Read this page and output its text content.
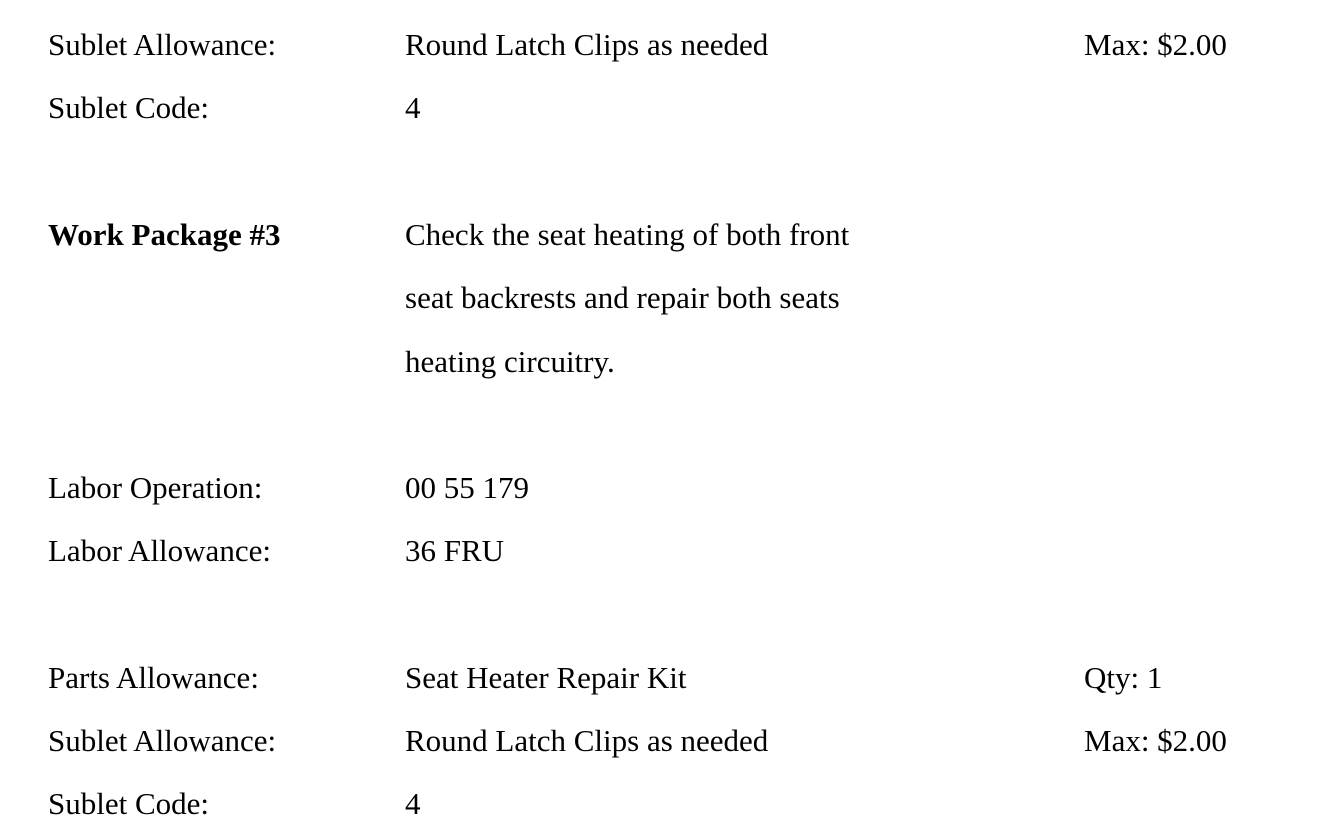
Sublet Allowance:	Round Latch Clips as needed	Max: $2.00
Sublet Code:	4
Work Package #3	Check the seat heating of both front
seat backrests and repair both seats
heating circuitry.
Labor Operation:	00 55 179
Labor Allowance:	36 FRU
Parts Allowance:	Seat Heater Repair Kit	Qty: 1
Sublet Allowance:	Round Latch Clips as needed	Max: $2.00
Sublet Code:	4
